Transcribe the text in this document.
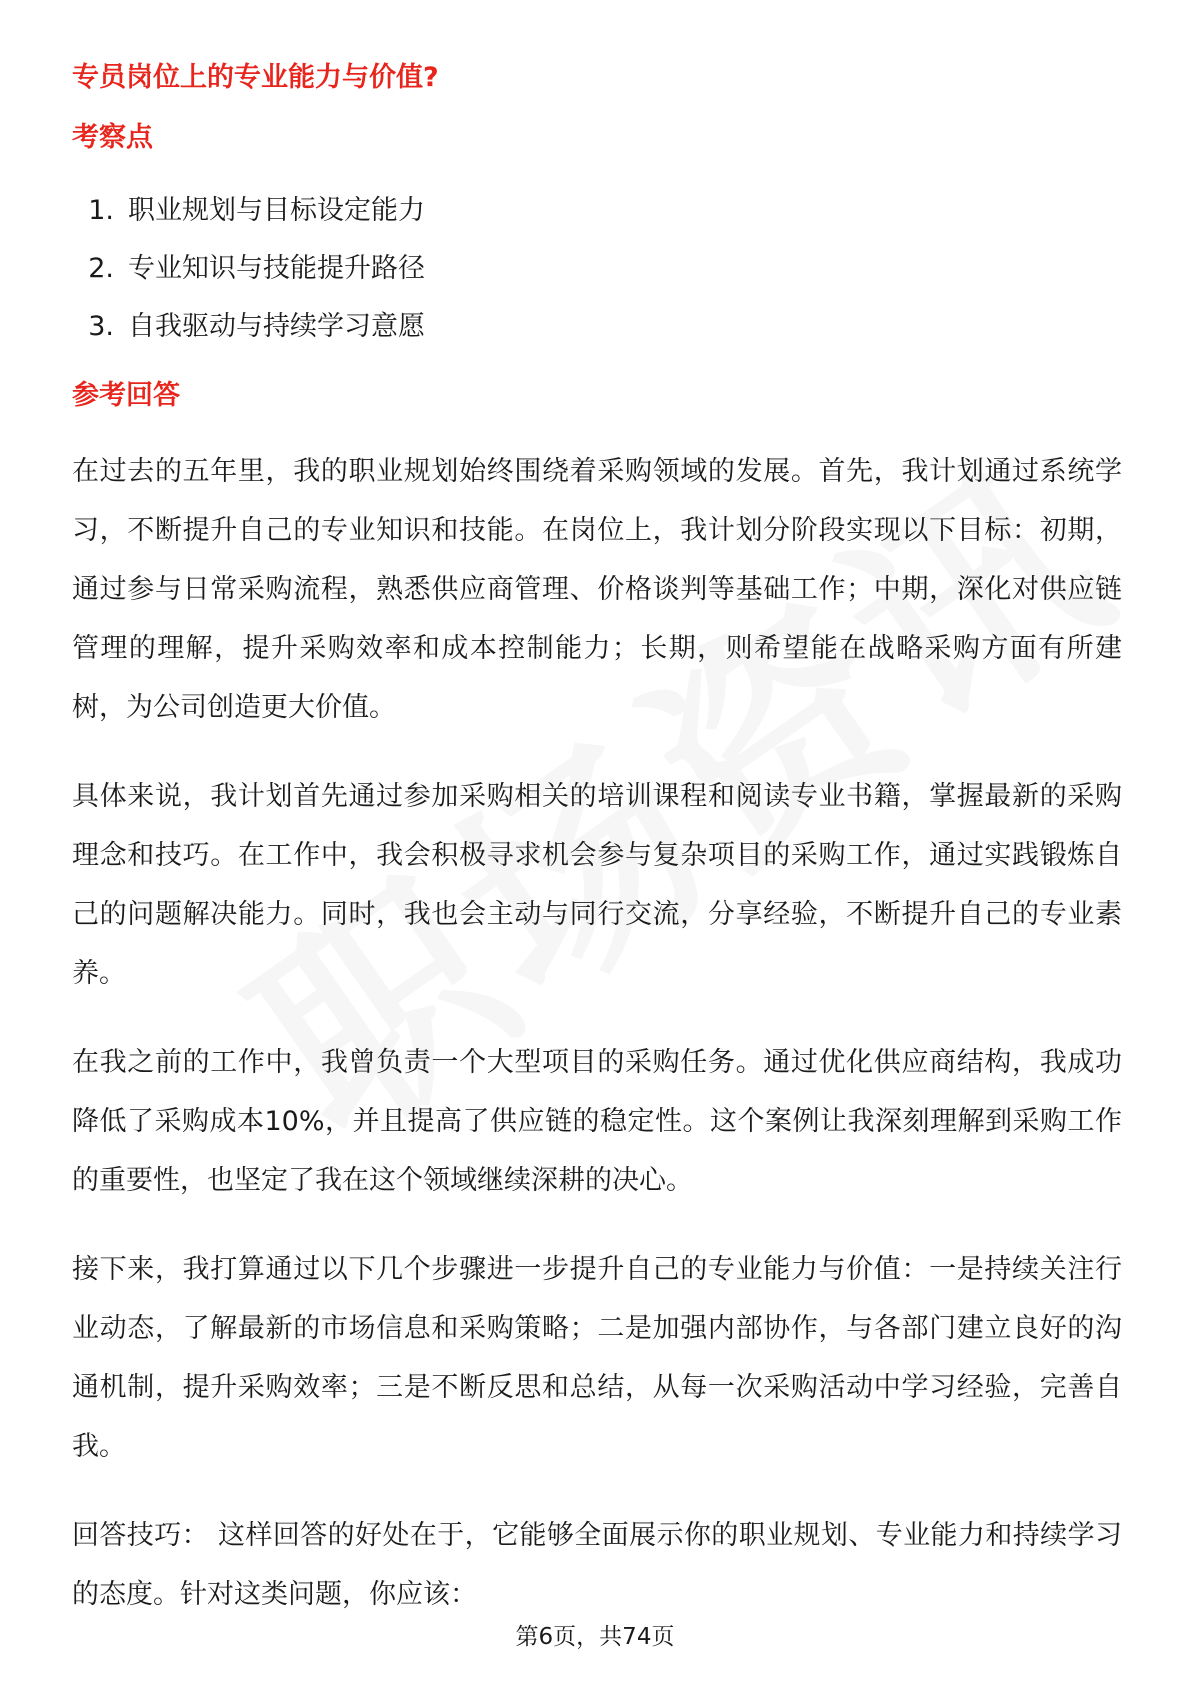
专员岗位上的专业能力与价值?
考察点
1. 职业规划与目标设定能力
2. 专业知识与技能提升路径
3. 自我驱动与持续学习意愿
参考回答

在过去的五年里，我的职业规划始终围绕着采购领域的发展。首先，我计划通过系统学习，不断提升自己的专业知识和技能。在岗位上，我计划分阶段实现以下目标：初期，通过参与日常采购流程，熟悉供应商管理、价格谈判等基础工作；中期，深化对供应链管理的理解，提升采购效率和成本控制能力；长期，则希望能在战略采购方面有所建树，为公司创造更大价值。

具体来说，我计划首先通过参加采购相关的培训课程和阅读专业书籍，掌握最新的采购理念和技巧。在工作中，我会积极寻求机会参与复杂项目的采购工作，通过实践锻炼自己的问题解决能力。同时，我也会主动与同行交流，分享经验，不断提升自己的专业素养。

在我之前的工作中，我曾负责一个大型项目的采购任务。通过优化供应商结构，我成功降低了采购成本10%，并且提高了供应链的稳定性。这个案例让我深刻理解到采购工作的重要性，也坚定了我在这个领域继续深耕的决心。

接下来，我打算通过以下几个步骤进一步提升自己的专业能力与价值：一是持续关注行业动态，了解最新的市场信息和采购策略；二是加强内部协作，与各部门建立良好的沟通机制，提升采购效率；三是不断反思和总结，从每一次采购活动中学习经验，完善自我。

回答技巧： 这样回答的好处在于，它能够全面展示你的职业规划、专业能力和持续学习的态度。针对这类问题，你应该：

第6页，共74页
